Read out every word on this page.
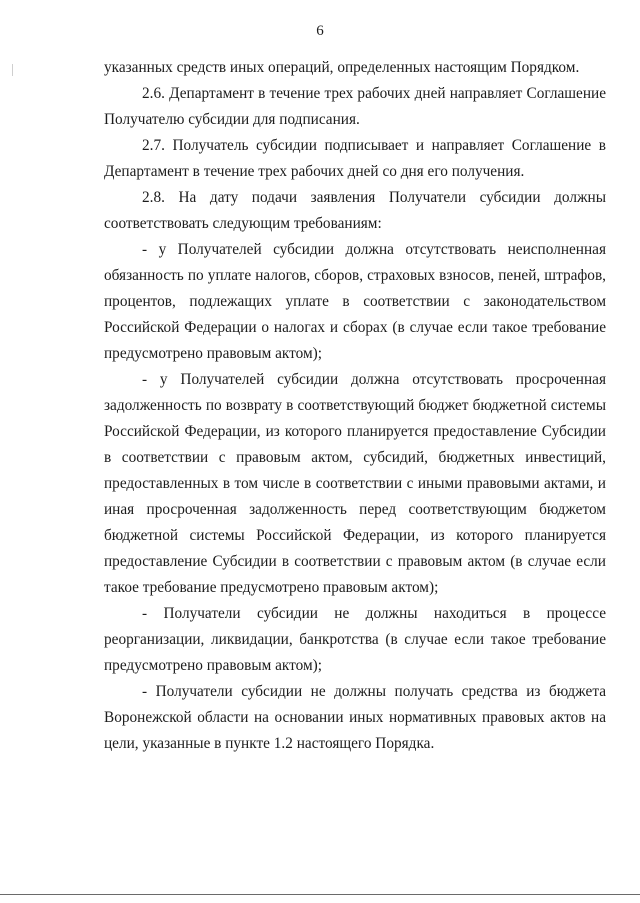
6

указанных средств иных операций, определенных настоящим Порядком.

2.6. Департамент в течение трех рабочих дней направляет Соглашение Получателю субсидии для подписания.

2.7. Получатель субсидии подписывает и направляет Соглашение в Департамент в течение трех рабочих дней со дня его получения.

2.8. На дату подачи заявления Получатели субсидии должны соответствовать следующим требованиям:

- у Получателей субсидии должна отсутствовать неисполненная обязанность по уплате налогов, сборов, страховых взносов, пеней, штрафов, процентов, подлежащих уплате в соответствии с законодательством Российской Федерации о налогах и сборах (в случае если такое требование предусмотрено правовым актом);

- у Получателей субсидии должна отсутствовать просроченная задолженность по возврату в соответствующий бюджет бюджетной системы Российской Федерации, из которого планируется предоставление Субсидии в соответствии с правовым актом, субсидий, бюджетных инвестиций, предоставленных в том числе в соответствии с иными правовыми актами, и иная просроченная задолженность перед соответствующим бюджетом бюджетной системы Российской Федерации, из которого планируется предоставление Субсидии в соответствии с правовым актом (в случае если такое требование предусмотрено правовым актом);

- Получатели субсидии не должны находиться в процессе реорганизации, ликвидации, банкротства (в случае если такое требование предусмотрено правовым актом);

- Получатели субсидии не должны получать средства из бюджета Воронежской области на основании иных нормативных правовых актов на цели, указанные в пункте 1.2 настоящего Порядка.
